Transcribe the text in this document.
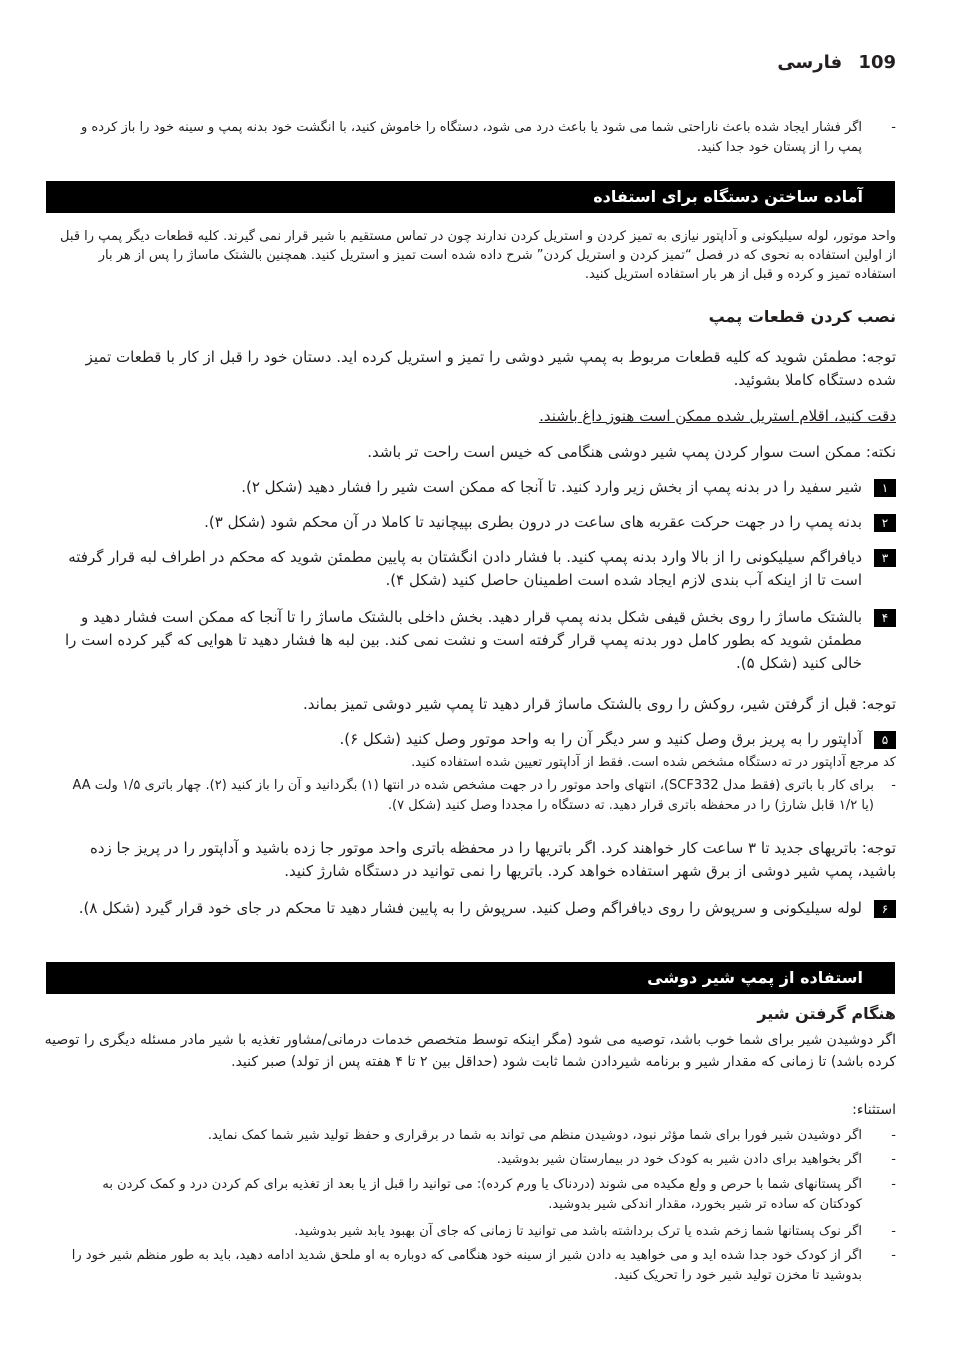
109 فارسی
-
اگر فشار ایجاد شده باعث ناراحتی شما می شود یا باعث درد می شود، دستگاه را خاموش کنید، با انگشت خود بدنه پمپ و سینه خود را باز کرده و پمپ را از پستان خود جدا کنید.
آماده ساختن دستگاه برای استفاده
واحد موتور، لوله سیلیکونی و آداپتور نیازی به تمیز کردن و استریل کردن ندارند چون در تماس مستقیم با شیر قرار نمی گیرند. کلیه قطعات دیگر پمپ را قبل از اولین استفاده به نحوی که در فصل “تمیز کردن و استریل کردن” شرح داده شده است تمیز و استریل کنید. همچنین بالشتک ماساژ را پس از هر بار استفاده تمیز و کرده و قبل از هر بار استفاده استریل کنید.
نصب کردن قطعات پمپ
توجه: مطمئن شوید که کلیه قطعات مربوط به پمپ شیر دوشی را تمیز و استریل کرده اید. دستان خود را قبل از کار با قطعات تمیز شده دستگاه کاملا بشوئید.
دقت کنید، اقلام استریل شده ممکن است هنوز داغ باشند.
نکته: ممکن است سوار کردن پمپ شیر دوشی هنگامی که خیس است راحت تر باشد.
۱
شیر سفید را در بدنه پمپ از بخش زیر وارد کنید. تا آنجا که ممکن است شیر را فشار دهید (شکل ۲).
۲
بدنه پمپ را در جهت حرکت عقربه های ساعت در درون بطری بپیچانید تا کاملا در آن محکم شود (شکل ۳).
۳
دیافراگم سیلیکونی را از بالا وارد بدنه پمپ کنید. با فشار دادن انگشتان به پایین مطمئن شوید که محکم در اطراف لبه قرار گرفته است تا از اینکه آب بندی لازم ایجاد شده است اطمینان حاصل کنید (شکل ۴).
۴
بالشتک ماساژ را روی بخش قیفی شکل بدنه پمپ قرار دهید. بخش داخلی بالشتک ماساژ را تا آنجا که ممکن است فشار دهید و مطمئن شوید که بطور کامل دور بدنه پمپ قرار گرفته است و نشت نمی کند. بین لبه ها فشار دهید تا هوایی که گیر کرده است را خالی کنید (شکل ۵).
توجه: قبل از گرفتن شیر، روکش را روی بالشتک ماساژ قرار دهید تا پمپ شیر دوشی تمیز بماند.
۵
آداپتور را به پریز برق وصل کنید و سر دیگر آن را به واحد موتور وصل کنید (شکل ۶).
کد مرجع آداپتور در ته دستگاه مشخص شده است. فقط از آداپتور تعیین شده استفاده کنید.
-
برای کار با باتری (فقط مدل SCF332)، انتهای واحد موتور را در جهت مشخص شده در انتها (۱) بگردانید و آن را باز کنید (۲). چهار باتری ۱/۵ ولت AA (یا ۱/۲ قابل شارژ) را در محفظه باتری قرار دهید. ته دستگاه را مجددا وصل کنید (شکل ۷).
توجه: باتریهای جدید تا ۳ ساعت کار خواهند کرد. اگر باتریها را در محفظه باتری واحد موتور جا زده باشید و آداپتور را در پریز جا زده باشید، پمپ شیر دوشی از برق شهر استفاده خواهد کرد. باتریها را نمی توانید در دستگاه شارژ کنید.
۶
لوله سیلیکونی و سرپوش را روی دیافراگم وصل کنید. سرپوش را به پایین فشار دهید تا محکم در جای خود قرار گیرد (شکل ۸).
استفاده از پمپ شیر دوشی
هنگام گرفتن شیر
اگر دوشیدن شیر برای شما خوب باشد، توصیه می شود (مگر اینکه توسط متخصص خدمات درمانی/مشاور تغذیه با شیر مادر مسئله دیگری را توصیه کرده باشد) تا زمانی که مقدار شیر و برنامه شیردادن شما ثابت شود (حداقل بین ۲ تا ۴ هفته پس از تولد) صبر کنید.
استثناء:
-
اگر دوشیدن شیر فورا برای شما مؤثر نبود، دوشیدن منظم می تواند به شما در برقراری و حفظ تولید شیر شما کمک نماید.
-
اگر بخواهید برای دادن شیر به کودک خود در بیمارستان شیر بدوشید.
-
اگر پستانهای شما با حرص و ولع مکیده می شوند (دردناک یا ورم کرده): می توانید را قبل از یا بعد از تغذیه برای کم کردن درد و کمک کردن به کودکتان که ساده تر شیر بخورد، مقدار اندکی شیر بدوشید.
-
اگر نوک پستانها شما زخم شده یا ترک برداشته باشد می توانید تا زمانی که جای آن بهبود یابد شیر بدوشید.
-
اگر از کودک خود جدا شده اید و می خواهید به دادن شیر از سینه خود هنگامی که دوباره به او ملحق شدید ادامه دهید، باید به طور منظم شیر خود را بدوشید تا مخزن تولید شیر خود را تحریک کنید.
